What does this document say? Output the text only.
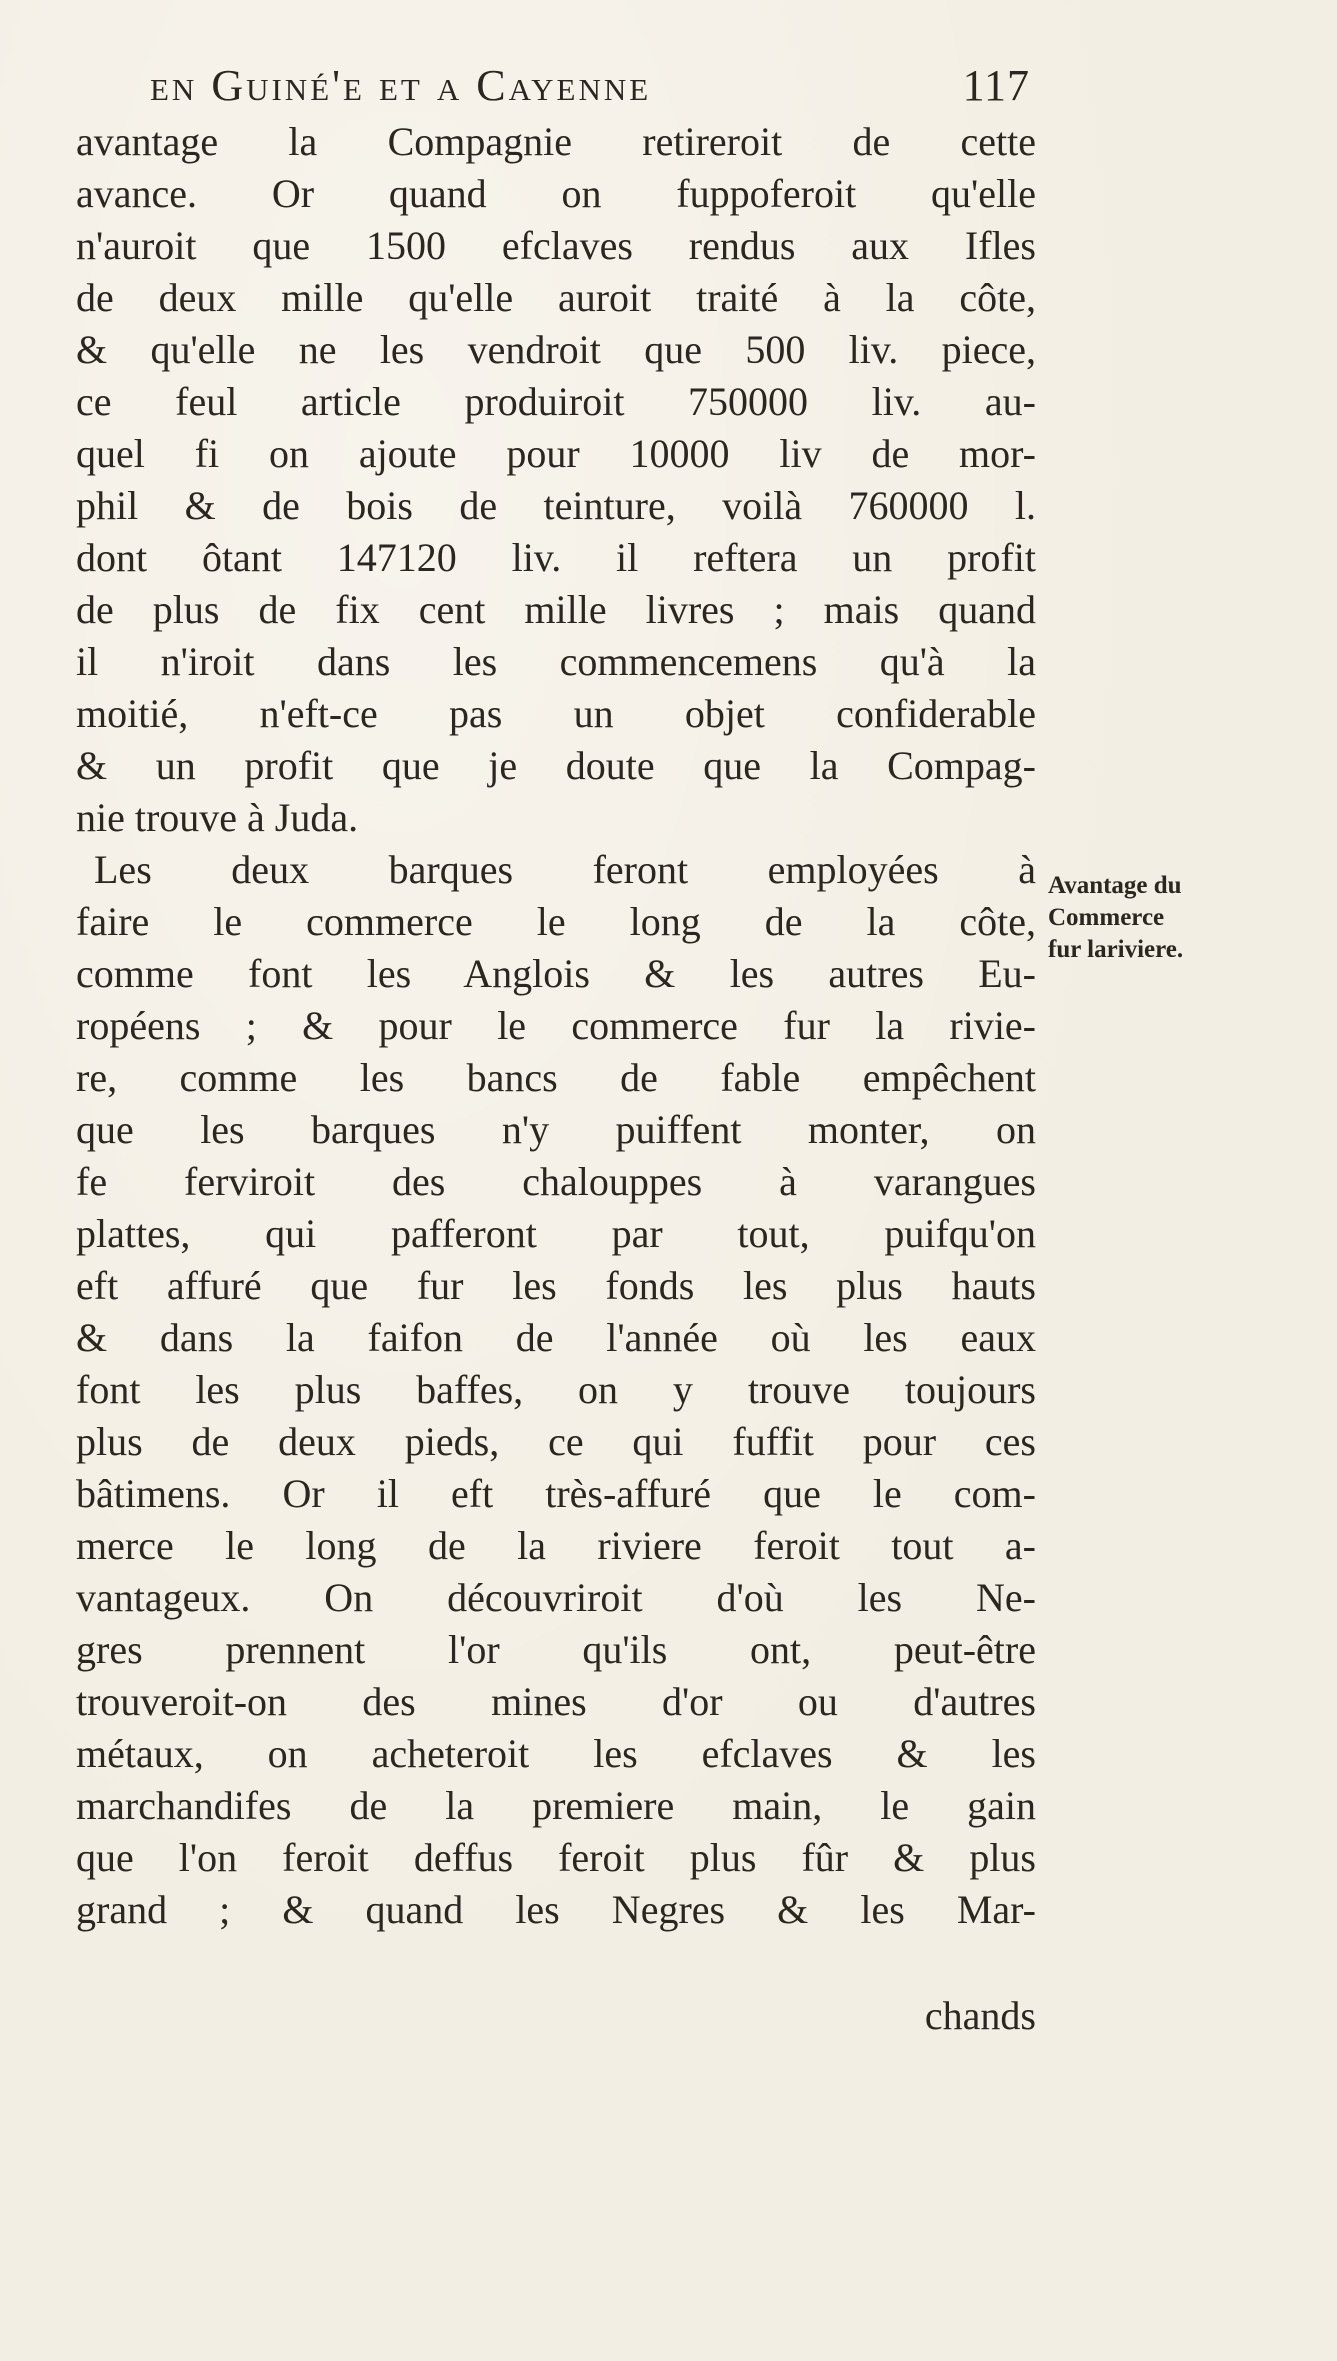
en Guiné'e et a Cayenne	117
avantage la Compagnie retireroit de cette
avance. Or quand on fuppoferoit qu'elle
n'auroit que 1500 efclaves rendus aux Ifles
de deux mille qu'elle auroit traité à la côte,
& qu'elle ne les vendroit que 500 liv. piece,
ce feul article produiroit 750000 liv. au-
quel fi on ajoute pour 10000 liv de mor-
phil & de bois de teinture, voilà 760000 l.
dont ôtant 147120 liv. il reftera un profit
de plus de fix cent mille livres ; mais quand
il n'iroit dans les commencemens qu'à la
moitié, n'eft-ce pas un objet confiderable
& un profit que je doute que la Compag-
nie trouve à Juda.
Les deux barques feront employées à
faire le commerce le long de la côte,
comme font les Anglois & les autres Eu-
ropéens ; & pour le commerce fur la rivie-
re, comme les bancs de fable empêchent
que les barques n'y puiffent monter, on
fe ferviroit des chalouppes à varangues
plattes, qui pafferont par tout, puifqu'on
eft affuré que fur les fonds les plus hauts
& dans la faifon de l'année où les eaux
font les plus baffes, on y trouve toujours
plus de deux pieds, ce qui fuffit pour ces
bâtimens. Or il eft très-affuré que le com-
merce le long de la riviere feroit tout a-
vantageux. On découvriroit d'où les Ne-
gres prennent l'or qu'ils ont, peut-être
trouveroit-on des mines d'or ou d'autres
métaux, on acheteroit les efclaves & les
marchandifes de la premiere main, le gain
que l'on feroit deffus feroit plus fûr & plus
grand ; & quand les Negres & les Mar-
chands
Avantage du
Commerce
fur lariviere.
